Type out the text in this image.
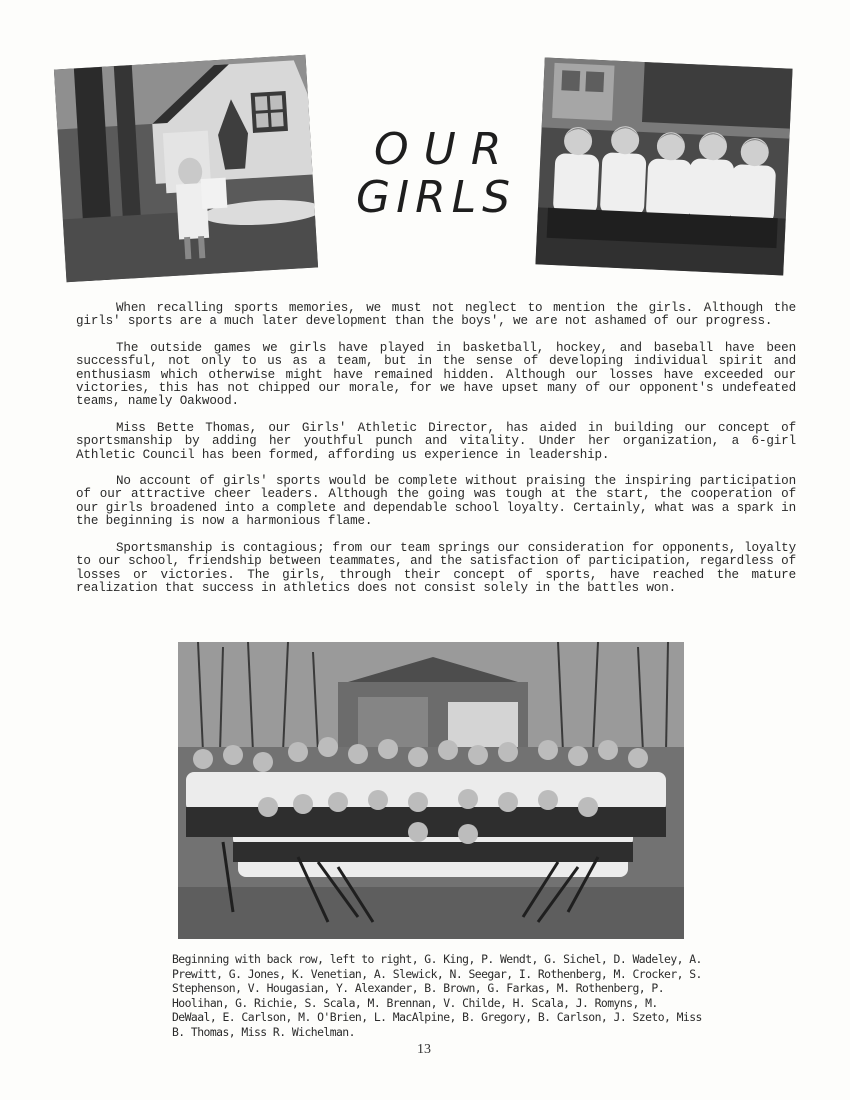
OUR
GIRLS

When recalling sports memories, we must not neglect to mention the girls. Although the girls' sports are a much later development than the boys', we are not ashamed of our progress.

The outside games we girls have played in basketball, hockey, and baseball have been successful, not only to us as a team, but in the sense of developing individual spirit and enthusiasm which otherwise might have remained hidden. Although our losses have exceeded our victories, this has not chipped our morale, for we have upset many of our opponent's undefeated teams, namely Oakwood.

Miss Bette Thomas, our Girls' Athletic Director, has aided in building our concept of sportsmanship by adding her youthful punch and vitality. Under her organization, a 6-girl Athletic Council has been formed, affording us experience in leadership.

No account of girls' sports would be complete without praising the inspiring participation of our attractive cheer leaders. Although the going was tough at the start, the cooperation of our girls broadened into a complete and dependable school loyalty. Certainly, what was a spark in the beginning is now a harmonious flame.

Sportsmanship is contagious; from our team springs our consideration for opponents, loyalty to our school, friendship between teammates, and the satisfaction of participation, regardless of losses or victories. The girls, through their concept of sports, have reached the mature realization that success in athletics does not consist solely in the battles won.

Beginning with back row, left to right, G. King, P. Wendt, G. Sichel, D. Wadeley, A. Prewitt, G. Jones, K. Venetian, A. Slewick, N. Seegar, I. Rothenberg, M. Crocker, S. Stephenson, V. Hougasian, Y. Alexander, B. Brown, G. Farkas, M. Rothenberg, P. Hoolihan, G. Richie, S. Scala, M. Brennan, V. Childe, H. Scala, J. Romyns, M. DeWaal, E. Carlson, M. O'Brien, L. MacAlpine, B. Gregory, B. Carlson, J. Szeto, Miss B. Thomas, Miss R. Wichelman.
13
